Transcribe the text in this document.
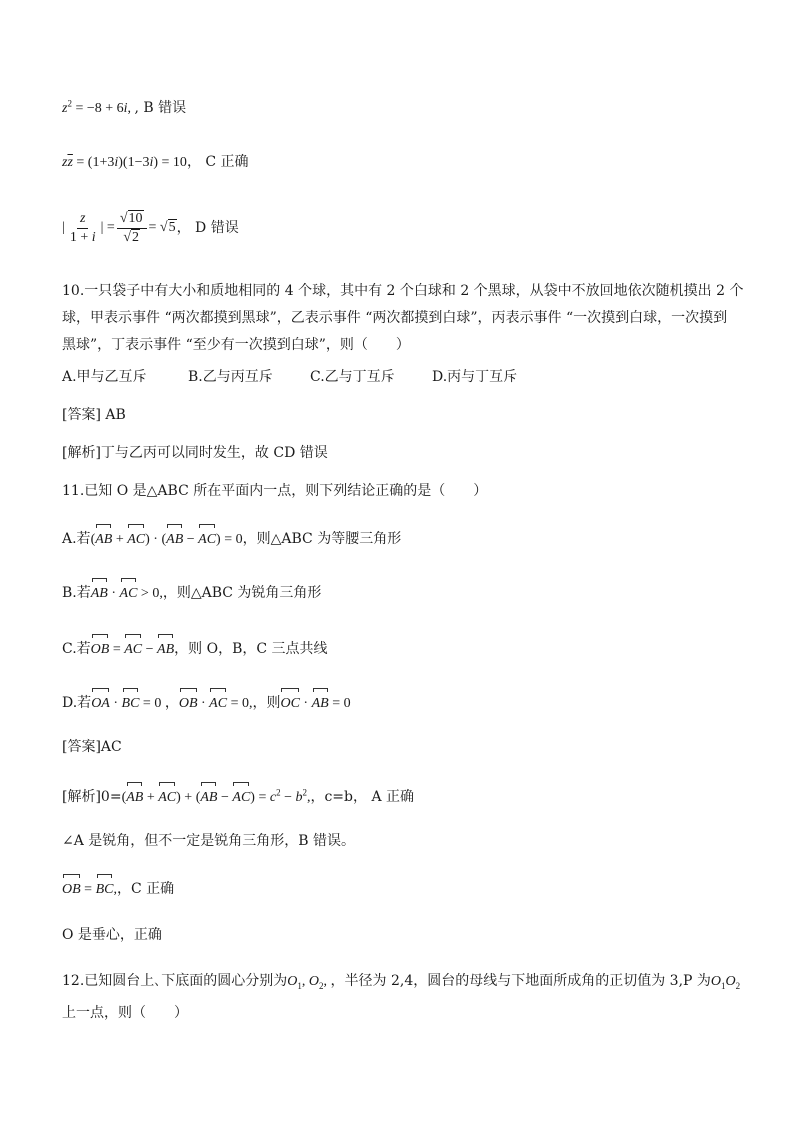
$z^2 = -8 + 6i$, , B 错误
$z\overline{z} = (1+3i)(1-3i) = 10$， C 正确
| $\frac{z}{1 + i}$ | = $\frac{√10}{√2} = √5$ ， D 错误
10.一只袋子中有大小和质地相同的 4 个球，其中有 2 个白球和 2 个黑球，从袋中不放回地依次随机摸出 2 个
球，甲表示事件 “两次都摸到黑球”，乙表示事件 “两次都摸到白球”，丙表示事件 “一次摸到白球，一次摸到
黑球”，丁表示事件 “至少有一次摸到白球”，则（　　）
A.甲与乙互斥	B.乙与丙互斥	C.乙与丁互斥	D.丙与丁互斥
[答案] AB
[解析]丁与乙丙可以同时发生，故 CD 错误
11.已知 O 是△ABC 所在平面内一点，则下列结论正确的是（　　）
A.若(AB + AC) · (AB − AC) = 0，则△ABC 为等腰三角形
B.若AB · AC > 0,，则△ABC 为锐角三角形
C.若OB = AC − AB，则 O，B，C 三点共线
D.若OA · BC = 0 ，OB · AC = 0,，则OC · AB = 0
[答案]AC
[解析]$0=(AB + AC) + (AB - AC) = c^2 - b^2$,，c=b， A 正确
∠A 是锐角，但不一定是锐角三角形，B 错误。
OB = BC,，C 正确
O 是垂心，正确
12.已知圆台上､下底面的圆心分别为$O_1$, $O_2$, ，半径为 2,4，圆台的母线与下地面所成角的正切值为 3,P 为$O_1O_2$
上一点，则（　　）
